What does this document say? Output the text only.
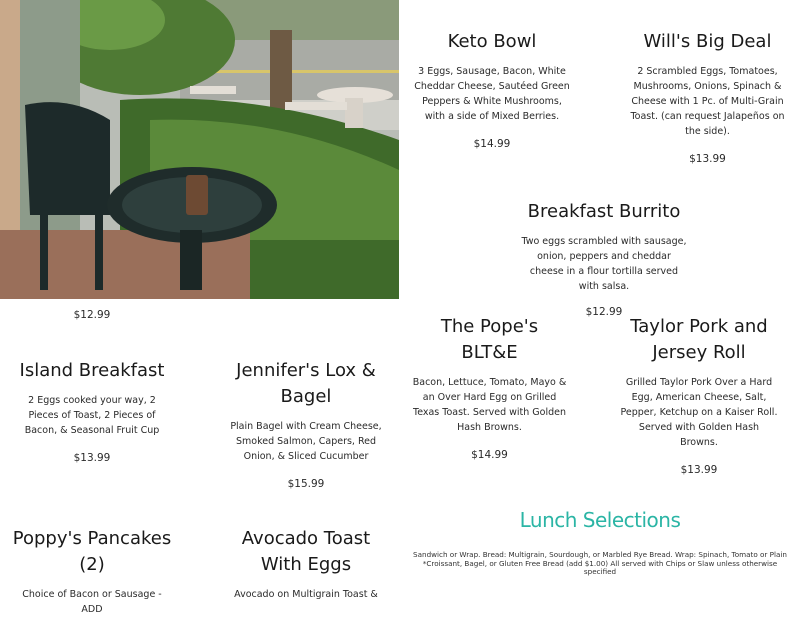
Keto Bowl
3 Eggs, Sausage, Bacon, White Cheddar Cheese, Sautéed Green Peppers & White Mushrooms, with a side of Mixed Berries.
$14.99
Will's Big Deal
2 Scrambled Eggs, Tomatoes, Mushrooms, Onions, Spinach & Cheese with 1 Pc. of Multi-Grain Toast. (can request Jalapeños on the side).
$13.99
Breakfast Burrito
Two eggs scrambled with sausage, onion, peppers and cheddar cheese in a flour tortilla served with salsa.
$12.99
$12.99
The Pope's BLT&E
Bacon, Lettuce, Tomato, Mayo & an Over Hard Egg on Grilled Texas Toast. Served with Golden Hash Browns.
$14.99
Taylor Pork and Jersey Roll
Grilled Taylor Pork Over a Hard Egg, American Cheese, Salt, Pepper, Ketchup on a Kaiser Roll. Served with Golden Hash Browns.
$13.99
Island Breakfast
2 Eggs cooked your way, 2 Pieces of Toast, 2 Pieces of Bacon, & Seasonal Fruit Cup
$13.99
Jennifer's Lox & Bagel
Plain Bagel with Cream Cheese, Smoked Salmon, Capers, Red Onion, & Sliced Cucumber
$15.99
Lunch Selections
Sandwich or Wrap. Bread: Multigrain, Sourdough, or Marbled Rye Bread. Wrap: Spinach, Tomato or Plain *Croissant, Bagel, or Gluten Free Bread (add $1.00) All served with Chips or Slaw unless otherwise specified
Poppy's Pancakes (2)
Choice of Bacon or Sausage - ADD
Avocado Toast With Eggs
Avocado on Multigrain Toast &
